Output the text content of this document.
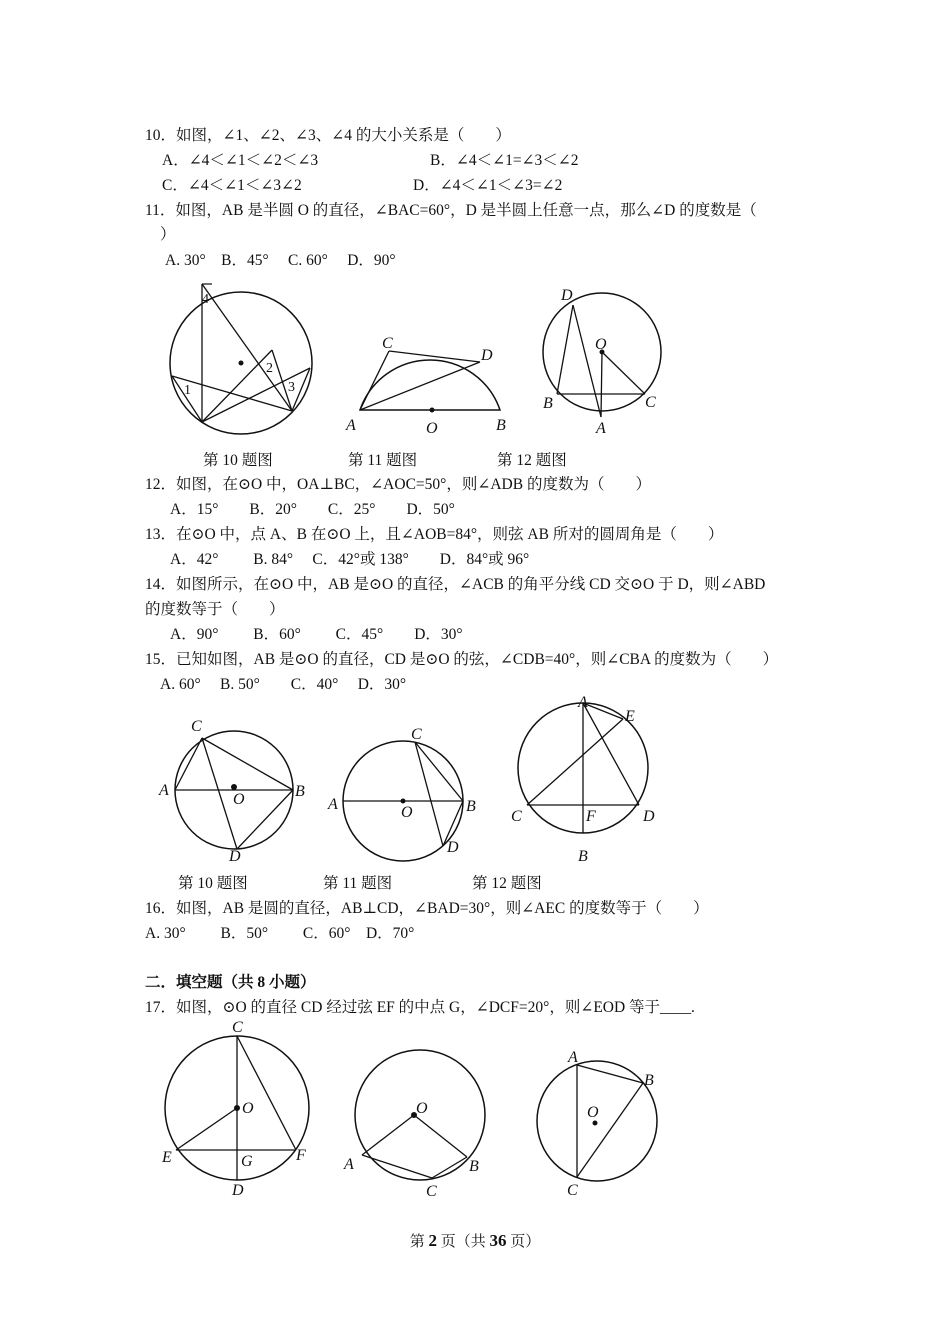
10．如图，∠1、∠2、∠3、∠4 的大小关系是（　　）
A．∠4＜∠1＜∠2＜∠3	B．∠4＜∠1=∠3＜∠2
C．∠4＜∠1＜∠3∠2	D．∠4＜∠1＜∠3=∠2
11．如图，AB 是半圆 O 的直径，∠BAC=60°，D 是半圆上任意一点，那么∠D 的度数是（
）
A. 30°　B．45°　 C. 60°　 D．90°
4
2
1	3
C
D
A	O	B
D
O
B	C
A
第 10 题图	第 11 题图	第 12 题图
12．如图，在⊙O 中，OA⊥BC，∠AOC=50°，则∠ADB 的度数为（　　）
A．15°　　B．20°　　C．25°　　D．50°
13．在⊙O 中，点 A、B 在⊙O 上，且∠AOB=84°，则弦 AB 所对的圆周角是（　　）
A．42°　　 B. 84°　 C．42°或 138°　　D．84°或 96°
14．如图所示，在⊙O 中，AB 是⊙O 的直径，∠ACB 的角平分线 CD 交⊙O 于 D，则∠ABD
的度数等于（　　）
A．90°　　 B．60°　　 C．45°　　D．30°
15．已知如图，AB 是⊙O 的直径，CD 是⊙O 的弦，∠CDB=40°，则∠CBA 的度数为（　　）
A. 60°　 B. 50°　　C．40°　 D．30°
C
A
O	B
D
C
A	O	B
D
A
E
C	F	D
B
第 10 题图	第 11 题图	第 12 题图
16．如图，AB 是圆的直径，AB⊥CD，∠BAD=30°，则∠AEC 的度数等于（　　）
A. 30°　　 B．50°　　 C．60°　D．70°
二．填空题（共 8 小题）
17．如图，⊙O 的直径 CD 经过弦 EF 的中点 G，∠DCF=20°，则∠EOD 等于____.
C
O
E	G	F
D
O
A	B
C
A
B
O
C
第 2 页（共 36 页）
